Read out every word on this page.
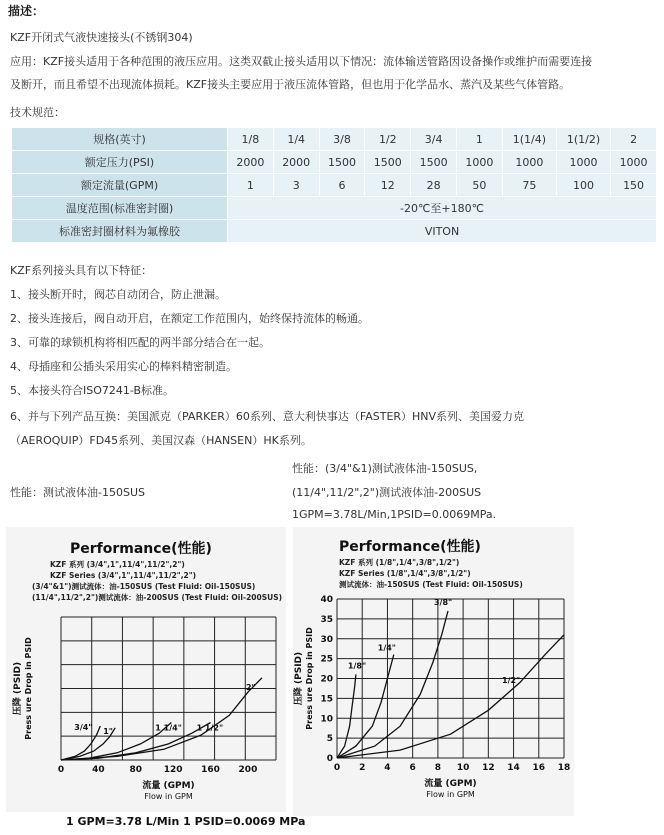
描述：
KZF开闭式气液快速接头(不锈钢304)
应用：KZF接头适用于各种范围的液压应用。这类双截止接头适用以下情况：流体输送管路因设备操作或维护而需要连接
及断开，而且希望不出现流体损耗。KZF接头主要应用于液压流体管路，但也用于化学品水、蒸汽及某些气体管路。
技术规范：
规格(英寸)	1/8	1/4	3/8	1/2	3/4	1	1(1/4)	1(1/2)	2
额定压力(PSI)	2000	2000	1500	1500	1500	1000	1000	1000	1000
额定流量(GPM)	1	3	6	12	28	50	75	100	150
温度范围(标准密封圈)	-20℃至+180℃								
标准密封圈材料为氟橡胶	VITON								
KZF系列接头具有以下特征：
1、接头断开时，阀芯自动闭合，防止泄漏。
2、接头连接后，阀自动开启，在额定工作范围内，始终保持流体的畅通。
3、可靠的球锁机构将相匹配的两半部分结合在一起。
4、母插座和公插头采用实心的棒料精密制造。
5、本接头符合ISO7241-B标准。
6、并与下列产品互换：美国派克（PARKER）60系列、意大利快事达（FASTER）HNV系列、美国爱力克
（AEROQUIP）FD45系列、美国汉森（HANSEN）HK系列。
性能：(3/4"&1)测试液体油-150SUS,
性能：测试液体油-150SUS	(11/4",11/2",2")测试液体油-200SUS
1GPM=3.78L/Min,1PSID=0.0069MPa.
Performance(性能)
KZF 系列 (3/4",1",11/4",11/2",2")
KZF Series (3/4",1",11/4",11/2",2")
(3/4"&1")测试流体：油-150SUS (Test Fluid: Oil-150SUS)
(11/4",11/2",2")测试流体：油-200SUS (Test Fluid: Oil-200SUS)
0	40	80 120 160 200
流量 (GPM)
Flow in GPM
压降 (PSID) Press ure Drop in PSID	3/4" 1"	1 1/4" 1 1/2"
2"
Performance(性能)
KZF 系列 (1/8",1/4",3/8",1/2")
KZF Series (1/8",1/4",3/8",1/2")
测试流体：油-150SUS (Test Fluid: Oil-150SUS)
0 2 4 6 8 10 12 14 16 18
0
5
10
15
20
25
30
35
40
流量 (GPM)
Flow in GPM
压降 (PSID) Press ure Drop in PSID	1/8"
1/4"
3/8"
1/2"
1 GPM=3.78 L/Min 1 PSID=0.0069 MPa
